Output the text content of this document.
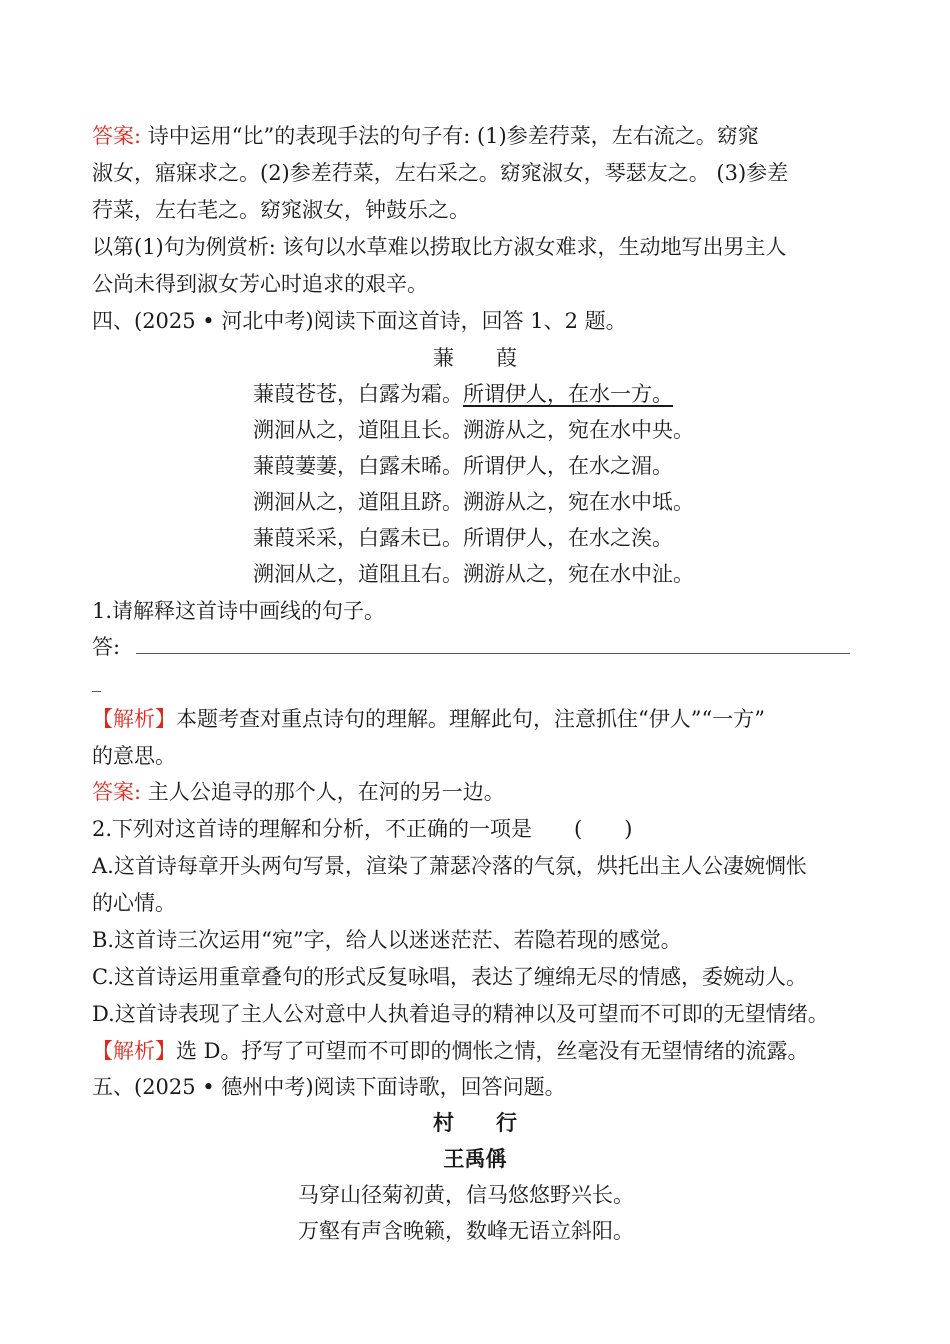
答案: 诗中运用“比”的表现手法的句子有: (1)参差荇菜，左右流之。窈窕
淑女，寤寐求之。(2)参差荇菜，左右采之。窈窕淑女，琴瑟友之。 (3)参差
荇菜，左右芼之。窈窕淑女，钟鼓乐之。
以第(1)句为例赏析: 该句以水草难以捞取比方淑女难求，生动地写出男主人
公尚未得到淑女芳心时追求的艰辛。
四、(2025 • 河北中考)阅读下面这首诗，回答 1、2 题。
蒹　　葭
蒹葭苍苍，白露为霜。所谓伊人，在水一方。
溯洄从之，道阻且长。溯游从之，宛在水中央。
蒹葭萋萋，白露未晞。所谓伊人，在水之湄。
溯洄从之，道阻且跻。溯游从之，宛在水中坻。
蒹葭采采，白露未已。所谓伊人，在水之涘。
溯洄从之，道阻且右。溯游从之，宛在水中沚。
1.请解释这首诗中画线的句子。
答:
【解析】本题考查对重点诗句的理解。理解此句，注意抓住“伊人”“一方”
的意思。
答案: 主人公追寻的那个人，在河的另一边。
2.下列对这首诗的理解和分析，不正确的一项是　　(　　)
A.这首诗每章开头两句写景，渲染了萧瑟冷落的气氛，烘托出主人公凄婉惆怅
的心情。
B.这首诗三次运用“宛”字，给人以迷迷茫茫、若隐若现的感觉。
C.这首诗运用重章叠句的形式反复咏唱，表达了缠绵无尽的情感，委婉动人。
D.这首诗表现了主人公对意中人执着追寻的精神以及可望而不可即的无望情绪。
【解析】选 D。抒写了可望而不可即的惆怅之情，丝毫没有无望情绪的流露。
五、(2025 • 德州中考)阅读下面诗歌，回答问题。
村　　行
王禹偁
马穿山径菊初黄，信马悠悠野兴长。
万壑有声含晚籁，数峰无语立斜阳。
